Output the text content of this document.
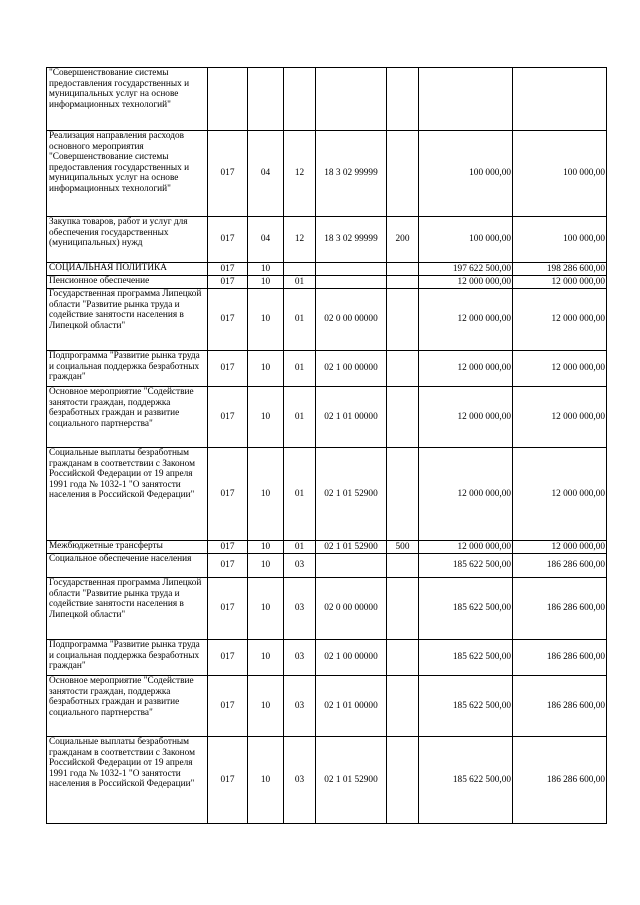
"Совершенствование системы предоставления государственных и муниципальных услуг на основе информационных технологий"							
Реализация направления расходов основного мероприятия "Совершенствование системы предоставления государственных и муниципальных услуг на основе информационных технологий"	017	04	12	18 3 02 99999		100 000,00	100 000,00
Закупка товаров, работ и услуг для обеспечения государственных (муниципальных) нужд	017	04	12	18 3 02 99999	200	100 000,00	100 000,00
СОЦИАЛЬНАЯ ПОЛИТИКА	017	10				197 622 500,00	198 286 600,00
Пенсионное обеспечение	017	10	01			12 000 000,00	12 000 000,00
Государственная программа Липецкой области "Развитие рынка труда и содействие занятости населения в Липецкой области"	017	10	01	02 0 00 00000		12 000 000,00	12 000 000,00
Подпрограмма "Развитие рынка труда и социальная поддержка безработных граждан"	017	10	01	02 1 00 00000		12 000 000,00	12 000 000,00
Основное мероприятие "Содействие занятости граждан, поддержка безработных граждан и развитие социального партнерства"	017	10	01	02 1 01 00000		12 000 000,00	12 000 000,00
Социальные выплаты безработным гражданам в соответствии с Законом Российской Федерации от 19 апреля 1991 года № 1032-1 "О занятости населения в Российской Федерации"	017	10	01	02 1 01 52900		12 000 000,00	12 000 000,00
Межбюджетные трансферты	017	10	01	02 1 01 52900	500	12 000 000,00	12 000 000,00
Социальное обеспечение населения	017	10	03			185 622 500,00	186 286 600,00
Государственная программа Липецкой области "Развитие рынка труда и содействие занятости населения в Липецкой области"	017	10	03	02 0 00 00000		185 622 500,00	186 286 600,00
Подпрограмма "Развитие рынка труда и социальная поддержка безработных граждан"	017	10	03	02 1 00 00000		185 622 500,00	186 286 600,00
Основное мероприятие "Содействие занятости граждан, поддержка безработных граждан и развитие социального партнерства"	017	10	03	02 1 01 00000		185 622 500,00	186 286 600,00
Социальные выплаты безработным гражданам в соответствии с Законом Российской Федерации от 19 апреля 1991 года № 1032-1 "О занятости населения в Российской Федерации"	017	10	03	02 1 01 52900		185 622 500,00	186 286 600,00
